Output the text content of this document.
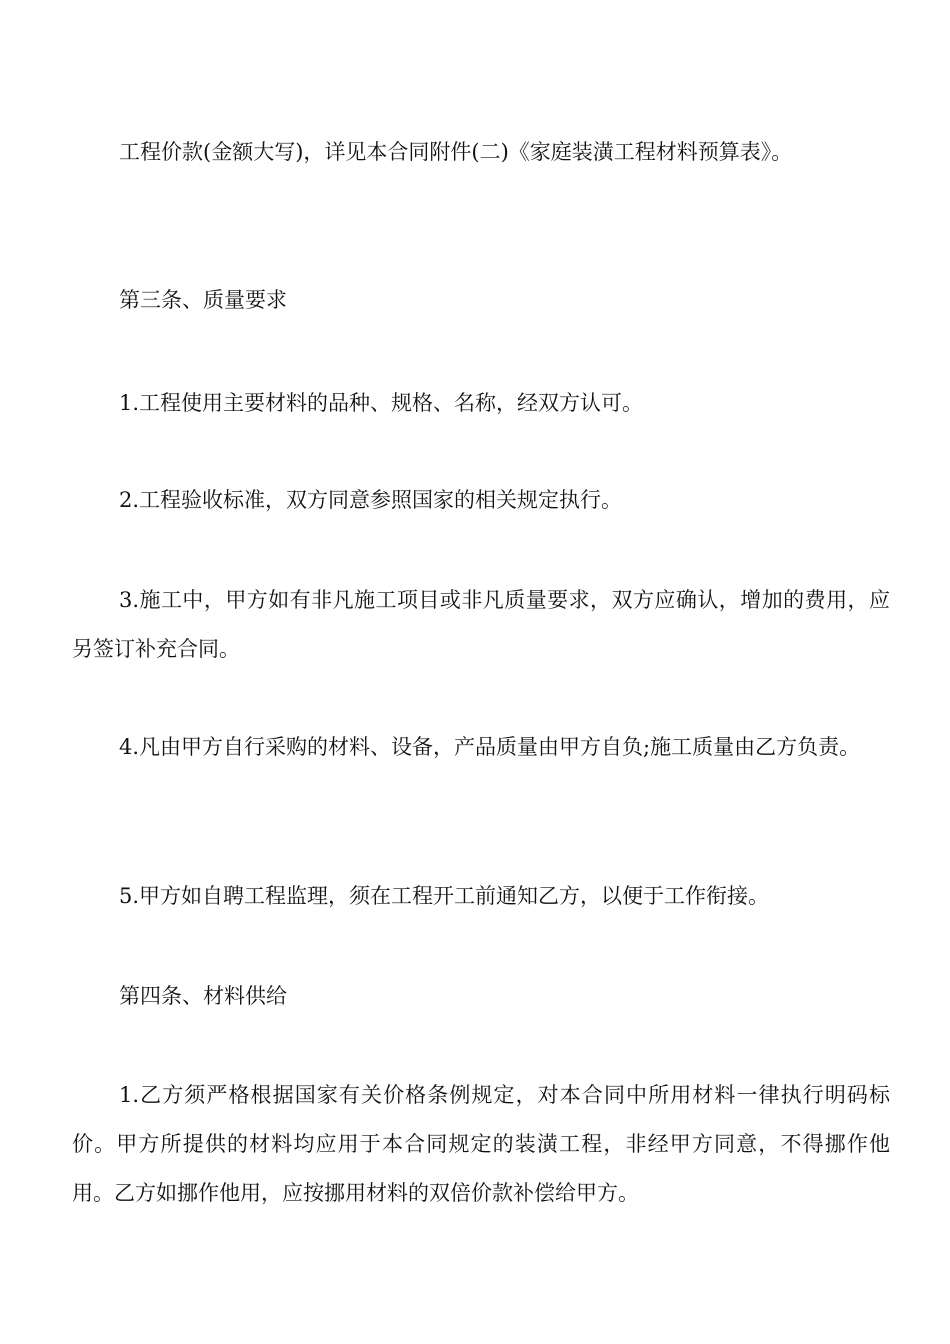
工程价款(金额大写)，详见本合同附件(二)《家庭装潢工程材料预算表》。

第三条、质量要求

1.工程使用主要材料的品种、规格、名称，经双方认可。

2.工程验收标准，双方同意参照国家的相关规定执行。

3.施工中，甲方如有非凡施工项目或非凡质量要求，双方应确认，增加的费用，应另签订补充合同。

4.凡由甲方自行采购的材料、设备，产品质量由甲方自负;施工质量由乙方负责。

5.甲方如自聘工程监理，须在工程开工前通知乙方，以便于工作衔接。

第四条、材料供给

1.乙方须严格根据国家有关价格条例规定，对本合同中所用材料一律执行明码标价。甲方所提供的材料均应用于本合同规定的装潢工程，非经甲方同意，不得挪作他用。乙方如挪作他用，应按挪用材料的双倍价款补偿给甲方。
